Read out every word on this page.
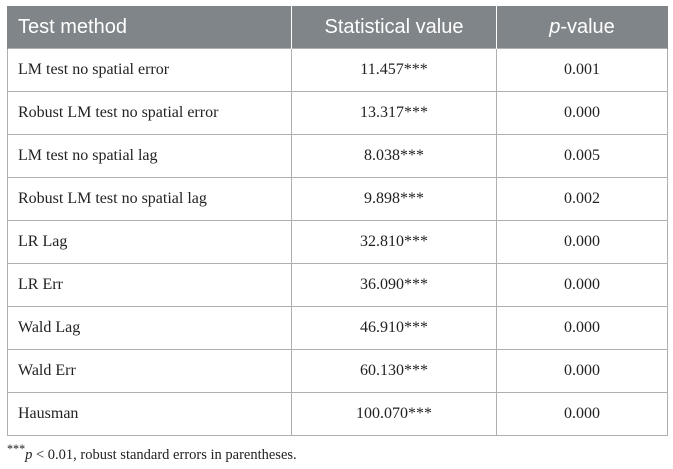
Test method	Statistical value	p-value
LM test no spatial error	11.457***	0.001
Robust LM test no spatial error	13.317***	0.000
LM test no spatial lag	8.038***	0.005
Robust LM test no spatial lag	9.898***	0.002
LR Lag	32.810***	0.000
LR Err	36.090***	0.000
Wald Lag	46.910***	0.000
Wald Err	60.130***	0.000
Hausman	100.070***	0.000
***p < 0.01, robust standard errors in parentheses.
